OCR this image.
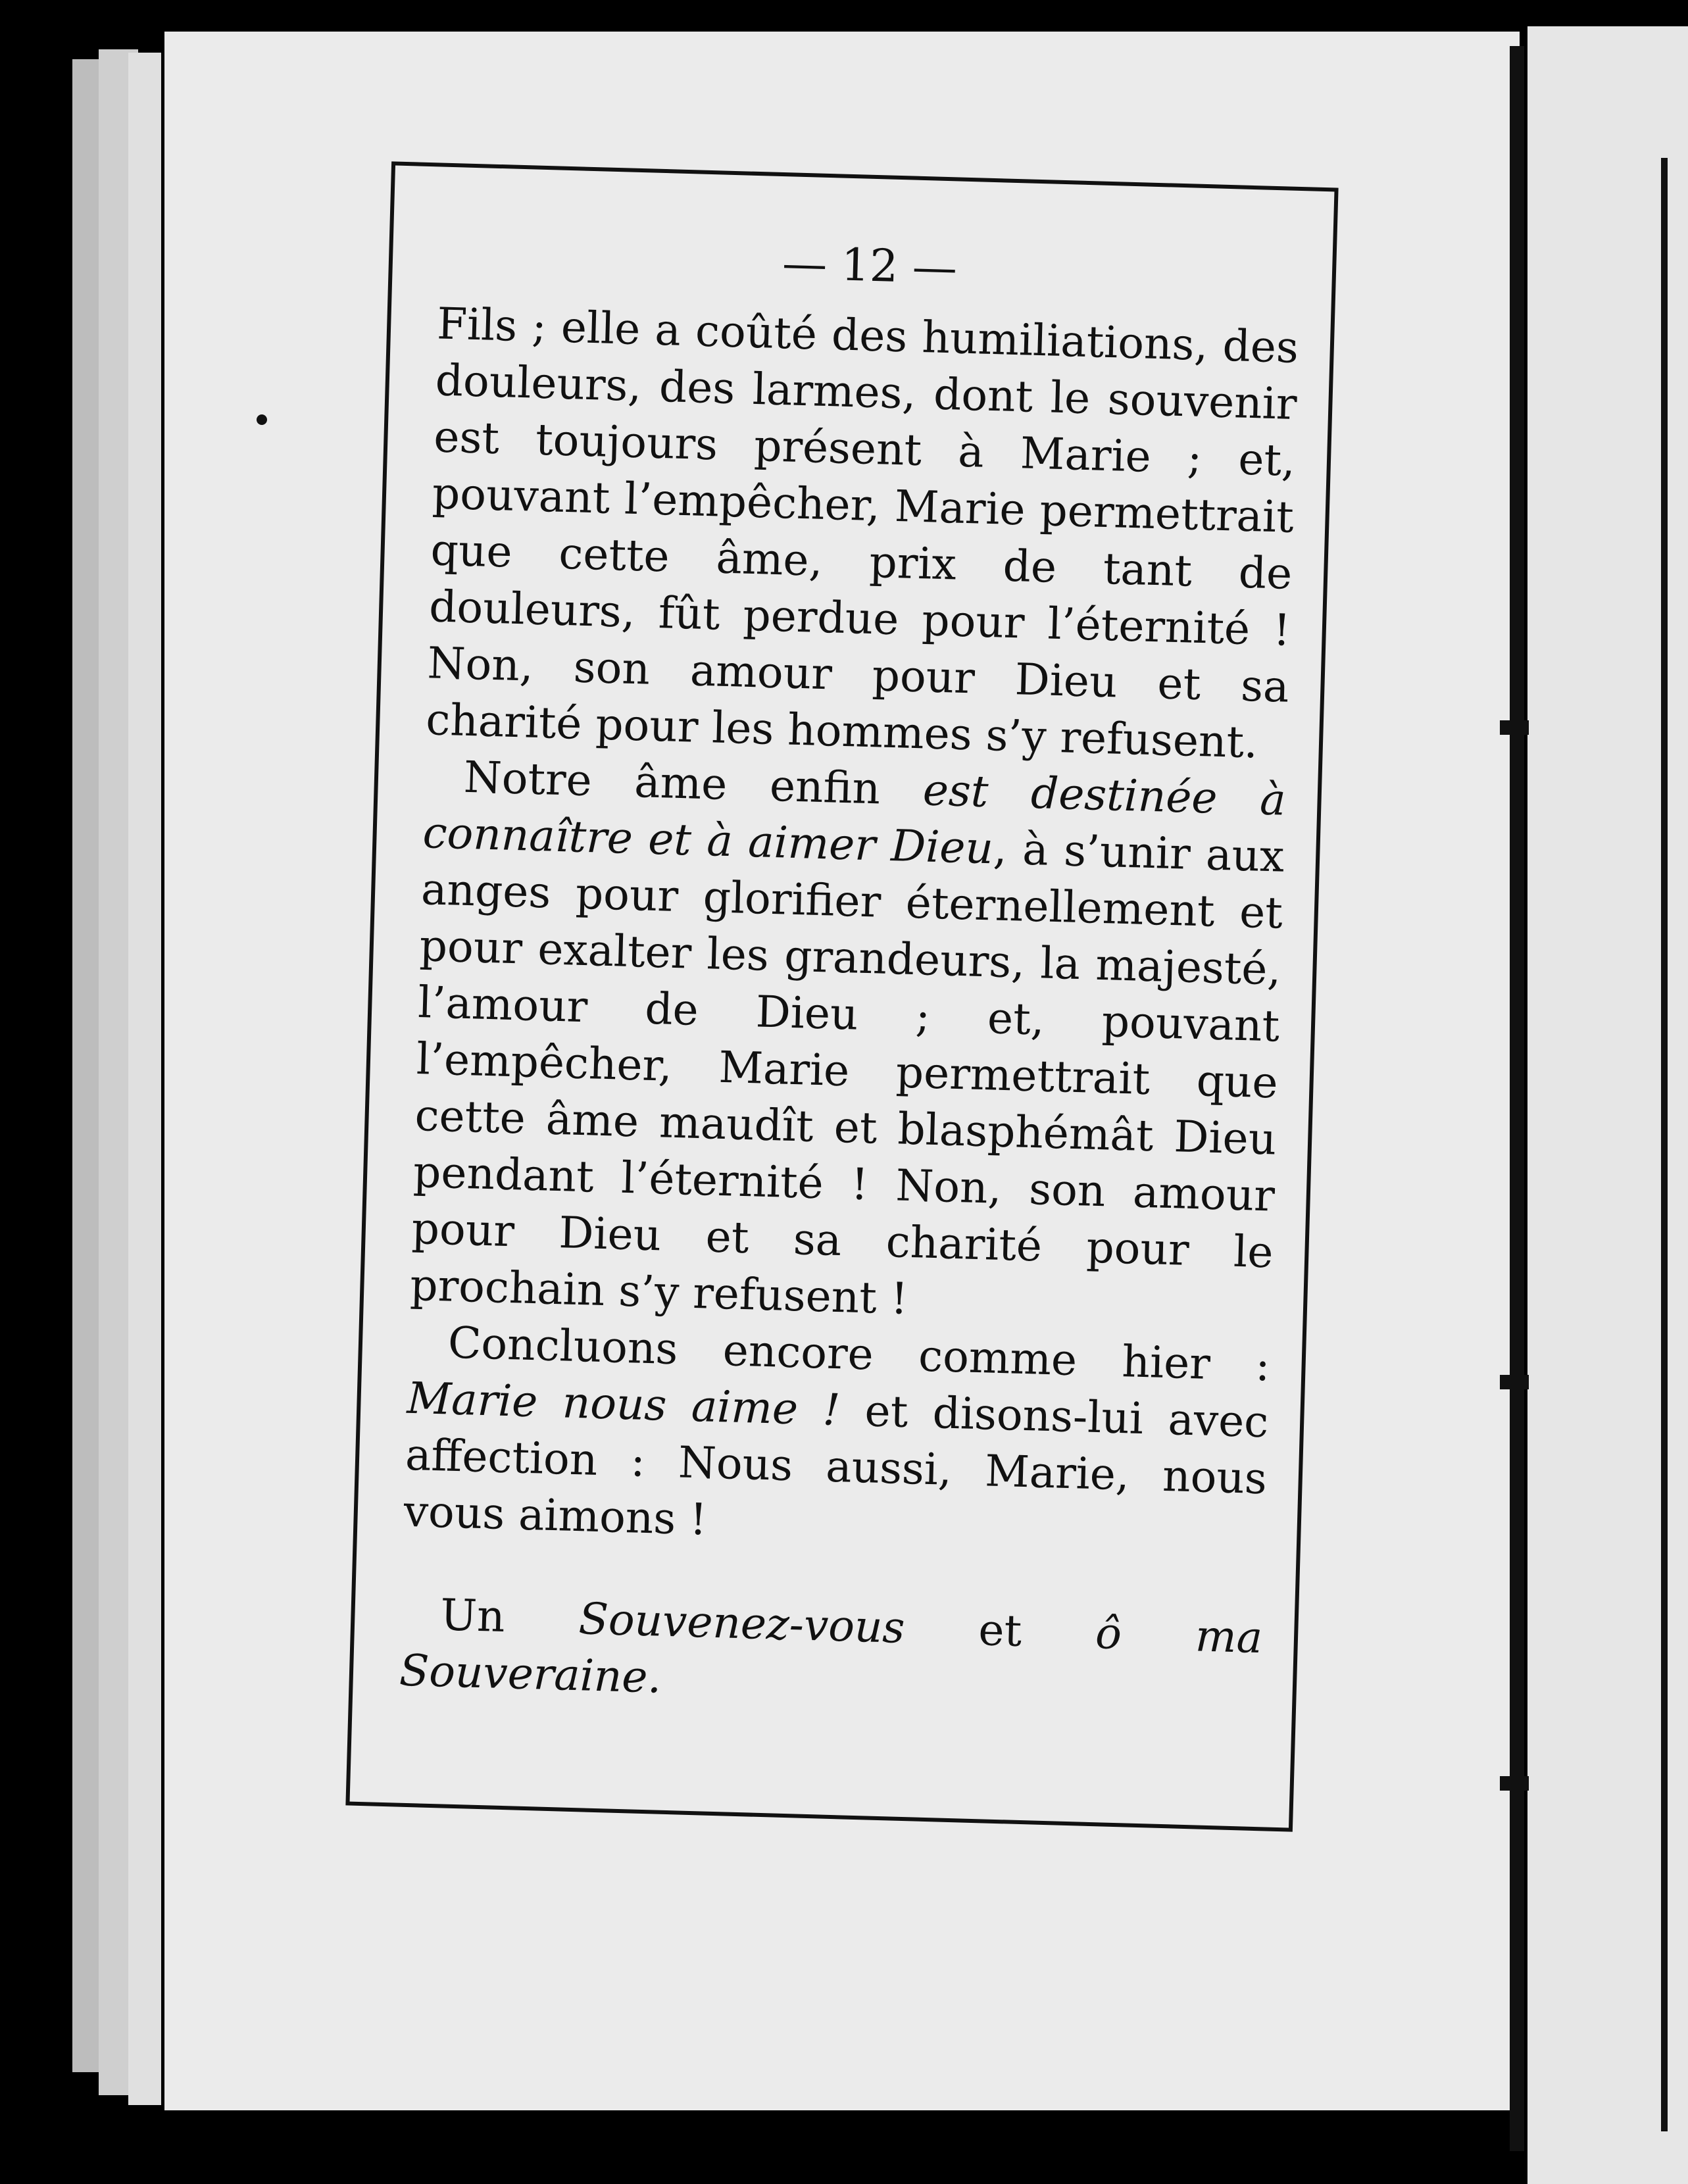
— 12 —

Fils ; elle a coûté des humiliations, des douleurs, des larmes, dont le souvenir est toujours présent à Marie ; et, pouvant l’empêcher, Marie permettrait que cette âme, prix de tant de douleurs, fût perdue pour l’éternité ! Non, son amour pour Dieu et sa charité pour les hommes s’y refusent.

Notre âme enfin est destinée à connaître et à aimer Dieu, à s’unir aux anges pour glorifier éternellement et pour exalter les grandeurs, la majesté, l’amour de Dieu ; et, pouvant l’empêcher, Marie permettrait que cette âme maudît et blasphémât Dieu pendant l’éternité ! Non, son amour pour Dieu et sa charité pour le prochain s’y refusent !

Concluons encore comme hier : Marie nous aime ! et disons-lui avec affection : Nous aussi, Marie, nous vous aimons !

Un Souvenez-vous et ô ma Souveraine.
